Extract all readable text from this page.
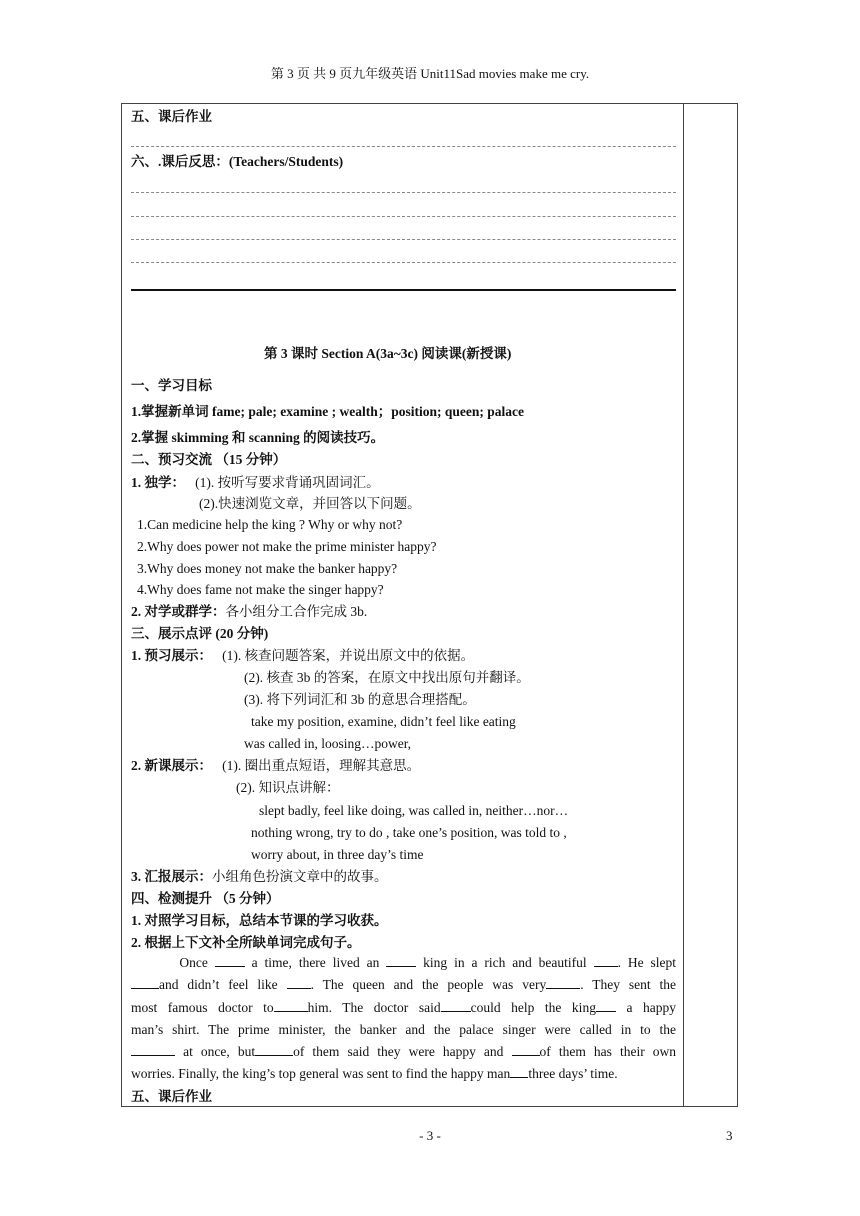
第 3 页 共 9 页九年级英语 Unit11Sad movies make me cry.
五、课后作业
六、.课后反思：(Teachers/Students)
第 3 课时 Section A(3a~3c) 阅读课(新授课)
一、学习目标
1.掌握新单词 fame; pale; examine ; wealth；position; queen; palace
2.掌握 skimming 和 scanning 的阅读技巧。
二、预习交流 （15 分钟）
1. 独学： (1). 按听写要求背诵巩固词汇。
(2).快速浏览文章，并回答以下问题。
1.Can medicine help the king ? Why or why not?
2.Why does power not make the prime minister happy?
3.Why does money not make the banker happy?
4.Why does fame not make the singer happy?
2. 对学或群学：各小组分工合作完成 3b.
三、展示点评 (20 分钟)
1. 预习展示： (1). 核查问题答案，并说出原文中的依据。
(2). 核查 3b 的答案，在原文中找出原句并翻译。
(3). 将下列词汇和 3b 的意思合理搭配。
take my position, examine, didn’t feel like eating
was called in, loosing…power,
2. 新课展示： (1). 圈出重点短语，理解其意思。
(2). 知识点讲解：
slept badly, feel like doing, was called in, neither…nor…
nothing wrong, try to do , take one’s position, was told to ,
worry about, in three day’s time
3. 汇报展示：小组角色扮演文章中的故事。
四、检测提升 （5 分钟）
1. 对照学习目标，总结本节课的学习收获。
2. 根据上下文补全所缺单词完成句子。
Once	a time, there lived an	king in a rich and beautiful . He slept
and didn’t feel like . The queen and the people was very	. They sent the
most famous doctor to	him. The doctor said could help the king a happy
man’s shirt. The prime minister, the banker and the palace singer were called in to the
at once, but	of them said they were happy and	of them has their own
worries. Finally, the king’s top general was sent to find the happy man three days’ time.
五、课后作业
- 3 -	3
